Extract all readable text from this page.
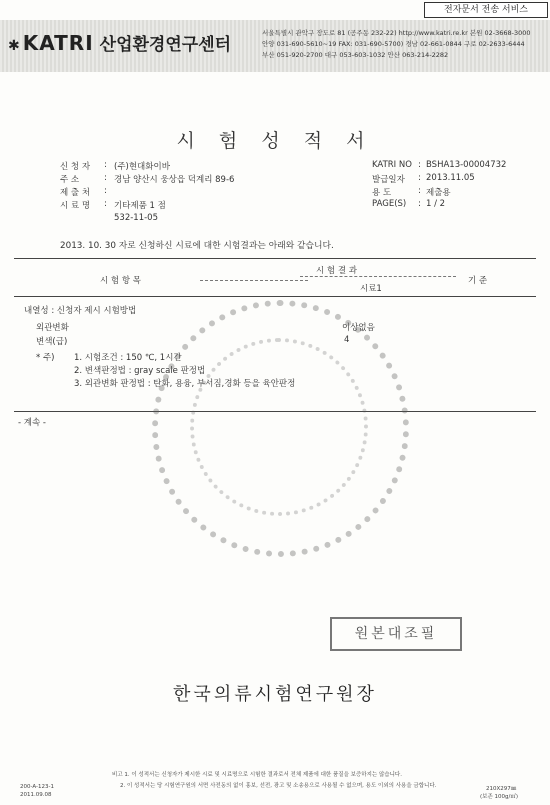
전자문서 전송 서비스
✱ KATRI 산업환경연구센터
서울특별시 관악구 장도로 81 (공주동 232-22) http://www.katri.re.kr 본원 02-3668-3000
안양 031-690-5610~19 FAX: 031-690-5700) 경남 02-661-0844 구로 02-2633-6444
부산 051-920-2700 대구 053-603-1032 안산 063-214-2282
시 험 성 적 서
신 청 자 : (주)현대화이바
주 소	: 경남 양산시 웅상읍 덕계리 89-6
제 출 처 :
시 료 명 : 기타제품 1 점
532-11-05
KATRI NO : BSHA13-00004732
발급일자 : 2013.11.05
용 도	: 제출용
PAGE(S) : 1 / 2
2013. 10. 30 자로 신청하신 시료에 대한 시험결과는 아래와 같습니다.
시 험 항 목
시 험 결 과
시료1
기 준
내열성 : 신청자 제시 시험방법
외관변화	이상없음
변색(급)	4
* 주) 1. 시험조건 : 150 ℃, 1시간
2. 변색판정법 : gray scale 판정법
3. 외관변화 판정법 : 탄화, 용융, 부서짐,경화 등을 육안판정
- 계속 -
원본대조필
한국의류시험연구원장
비고 1. 이 성적서는 신청자가 제시한 시료 및 시료명으로 시험한 결과로서 전체 제품에 대한 품질을 보증하지는 않습니다.
2. 이 성적서는 당 시험연구원의 서면 사전동의 없이 홍보, 선전, 광고 및 소송용으로 사용될 수 없으며, 용도 이외의 사용을 금합니다.
200-A-123-1
2011.09.08
210X297㎜
(보존 100g/㎡)
